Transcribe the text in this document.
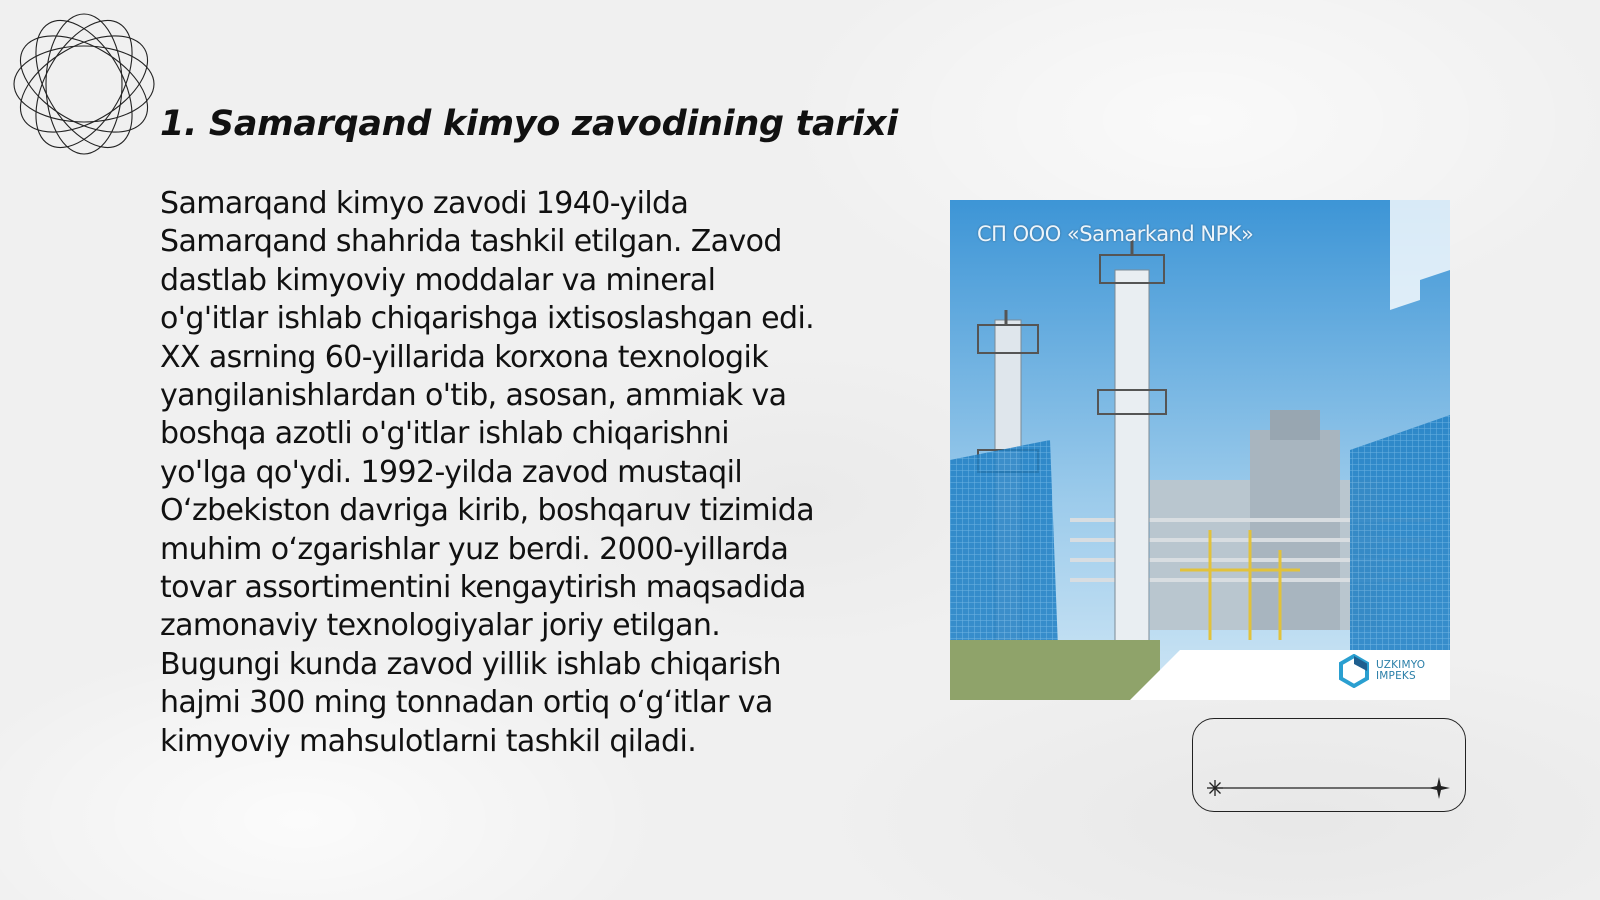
1. Samarqand kimyo zavodining tarixi

Samarqand kimyo zavodi 1940-yilda
Samarqand shahrida tashkil etilgan. Zavod
dastlab kimyoviy moddalar va mineral
o'g'itlar ishlab chiqarishga ixtisoslashgan edi.
XX asrning 60-yillarida korxona texnologik
yangilanishlardan o'tib, asosan, ammiak va
boshqa azotli o'g'itlar ishlab chiqarishni
yo'lga qo'ydi. 1992-yilda zavod mustaqil
O‘zbekiston davriga kirib, boshqaruv tizimida
muhim o‘zgarishlar yuz berdi. 2000-yillarda
tovar assortimentini kengaytirish maqsadida
zamonaviy texnologiyalar joriy etilgan.
Bugungi kunda zavod yillik ishlab chiqarish
hajmi 300 ming tonnadan ortiq o‘g‘itlar va
kimyoviy mahsulotlarni tashkil qiladi.

СП ООО «Samarkand NPK»
UZKIMYO
IMPEKS
